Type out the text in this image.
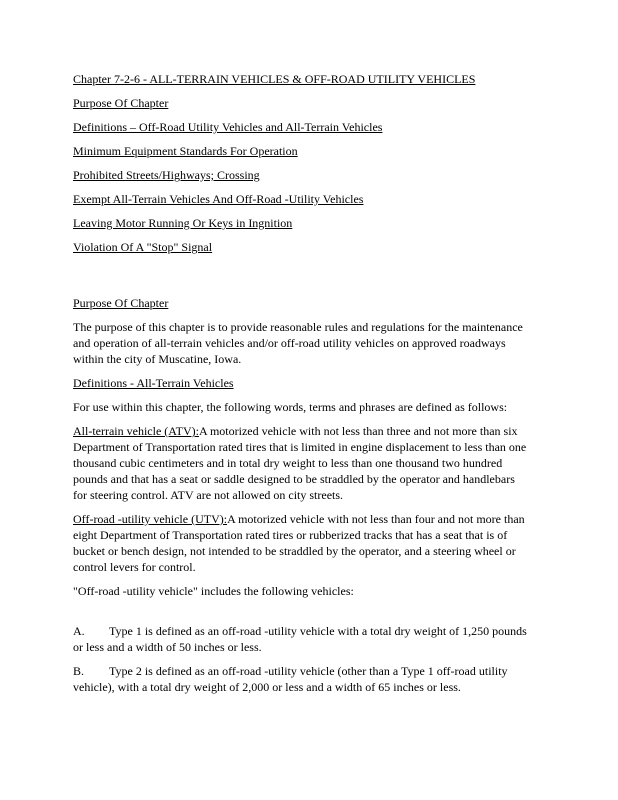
Chapter 7-2-6 - ALL-TERRAIN VEHICLES & OFF-ROAD UTILITY VEHICLES
Purpose Of Chapter
Definitions – Off-Road Utility Vehicles and All-Terrain Vehicles
Minimum Equipment Standards For Operation
Prohibited Streets/Highways; Crossing
Exempt All-Terrain Vehicles And Off-Road -Utility Vehicles
Leaving Motor Running Or Keys in Ingnition
Violation Of A "Stop" Signal
Purpose Of Chapter
The purpose of this chapter is to provide reasonable rules and regulations for the maintenance
and operation of all-terrain vehicles and/or off-road utility vehicles on approved roadways
within the city of Muscatine, Iowa.
Definitions - All-Terrain Vehicles
For use within this chapter, the following words, terms and phrases are defined as follows:
All-terrain vehicle (ATV):A motorized vehicle with not less than three and not more than six
Department of Transportation rated tires that is limited in engine displacement to less than one
thousand cubic centimeters and in total dry weight to less than one thousand two hundred
pounds and that has a seat or saddle designed to be straddled by the operator and handlebars
for steering control. ATV are not allowed on city streets.
Off-road -utility vehicle (UTV):A motorized vehicle with not less than four and not more than
eight Department of Transportation rated tires or rubberized tracks that has a seat that is of
bucket or bench design, not intended to be straddled by the operator, and a steering wheel or
control levers for control.
"Off-road -utility vehicle" includes the following vehicles:
A. Type 1 is defined as an off-road -utility vehicle with a total dry weight of 1,250 pounds
or less and a width of 50 inches or less.
B. Type 2 is defined as an off-road -utility vehicle (other than a Type 1 off-road utility
vehicle), with a total dry weight of 2,000 or less and a width of 65 inches or less.
